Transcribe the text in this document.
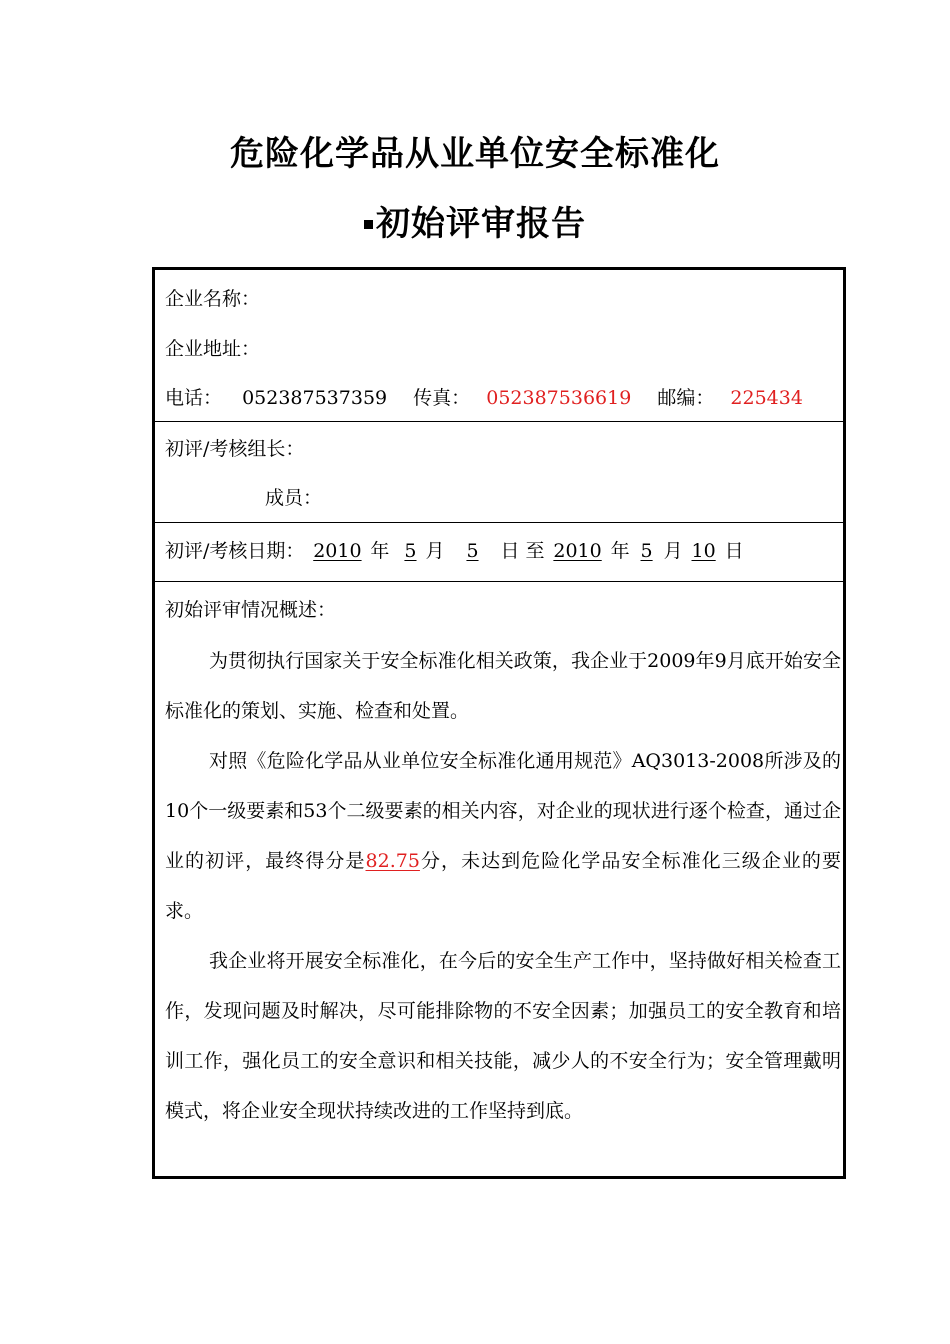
危险化学品从业单位安全标准化
初始评审报告
企业名称：
企业地址：
电话： 052387537359 传真： 052387536619 邮编： 225434
初评/考核组长：
成员：
初评/考核日期： 2010 年 5 月 5 日 至 2010 年 5 月 10 日
初始评审情况概述：
为贯彻执行国家关于安全标准化相关政策，我企业于2009年9月底开始安全标准化的策划、实施、检查和处置。
对照《危险化学品从业单位安全标准化通用规范》AQ3013-2008所涉及的10个一级要素和53个二级要素的相关内容，对企业的现状进行逐个检查，通过企业的初评，最终得分是82.75分，未达到危险化学品安全标准化三级企业的要求。
我企业将开展安全标准化，在今后的安全生产工作中，坚持做好相关检查工作，发现问题及时解决，尽可能排除物的不安全因素；加强员工的安全教育和培训工作，强化员工的安全意识和相关技能，减少人的不安全行为；安全管理戴明模式，将企业安全现状持续改进的工作坚持到底。
